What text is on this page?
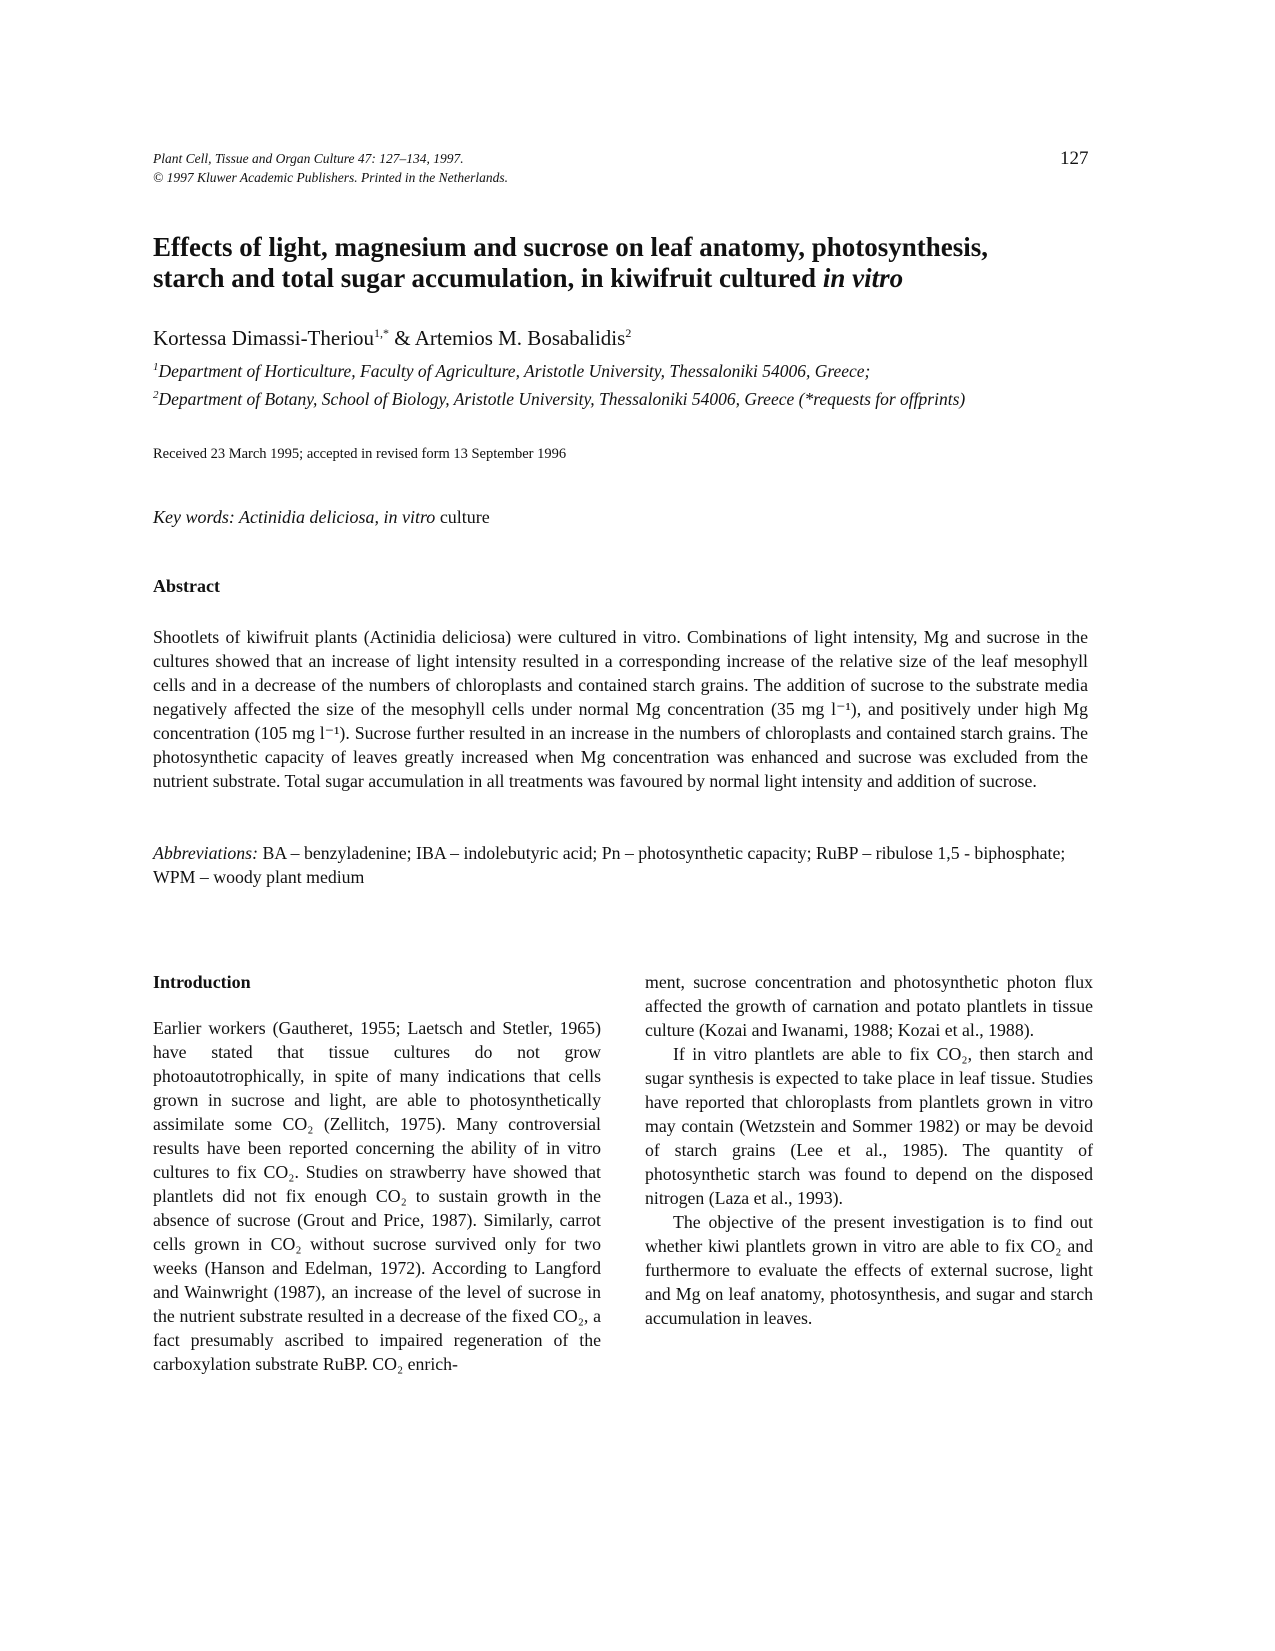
Plant Cell, Tissue and Organ Culture 47: 127–134, 1997.
© 1997 Kluwer Academic Publishers. Printed in the Netherlands.
127
Effects of light, magnesium and sucrose on leaf anatomy, photosynthesis,
starch and total sugar accumulation, in kiwifruit cultured in vitro
Kortessa Dimassi-Theriou$^{1,*}$ & Artemios M. Bosabalidis$^2$
$^1$Department of Horticulture, Faculty of Agriculture, Aristotle University, Thessaloniki 54006, Greece;
$^2$Department of Botany, School of Biology, Aristotle University, Thessaloniki 54006, Greece (*requests for offprints)
Received 23 March 1995; accepted in revised form 13 September 1996
Key words: Actinidia deliciosa, in vitro culture
Abstract
Shootlets of kiwifruit plants (Actinidia deliciosa) were cultured in vitro. Combinations of light intensity, Mg and sucrose in the cultures showed that an increase of light intensity resulted in a corresponding increase of the relative size of the leaf mesophyll cells and in a decrease of the numbers of chloroplasts and contained starch grains. The addition of sucrose to the substrate media negatively affected the size of the mesophyll cells under normal Mg concentration (35 mg l⁻¹), and positively under high Mg concentration (105 mg l⁻¹). Sucrose further resulted in an increase in the numbers of chloroplasts and contained starch grains. The photosynthetic capacity of leaves greatly increased when Mg concentration was enhanced and sucrose was excluded from the nutrient substrate. Total sugar accumulation in all treatments was favoured by normal light intensity and addition of sucrose.
Abbreviations: BA – benzyladenine; IBA – indolebutyric acid; Pn – photosynthetic capacity; RuBP – ribulose 1,5 - biphosphate; WPM – woody plant medium
Introduction

Earlier workers (Gautheret, 1955; Laetsch and Stetler, 1965) have stated that tissue cultures do not grow photoautotrophically, in spite of many indications that cells grown in sucrose and light, are able to photosynthetically assimilate some CO₂ (Zellitch, 1975). Many controversial results have been reported concerning the ability of in vitro cultures to fix CO₂. Studies on strawberry have showed that plantlets did not fix enough CO₂ to sustain growth in the absence of sucrose (Grout and Price, 1987). Similarly, carrot cells grown in CO₂ without sucrose survived only for two weeks (Hanson and Edelman, 1972). According to Langford and Wainwright (1987), an increase of the level of sucrose in the nutrient substrate resulted in a decrease of the fixed CO₂, a fact presumably ascribed to impaired regeneration of the carboxylation substrate RuBP. CO₂ enrich-

ment, sucrose concentration and photosynthetic photon flux affected the growth of carnation and potato plantlets in tissue culture (Kozai and Iwanami, 1988; Kozai et al., 1988).

If in vitro plantlets are able to fix CO₂, then starch and sugar synthesis is expected to take place in leaf tissue. Studies have reported that chloroplasts from plantlets grown in vitro may contain (Wetzstein and Sommer 1982) or may be devoid of starch grains (Lee et al., 1985). The quantity of photosynthetic starch was found to depend on the disposed nitrogen (Laza et al., 1993).

The objective of the present investigation is to find out whether kiwi plantlets grown in vitro are able to fix CO₂ and furthermore to evaluate the effects of external sucrose, light and Mg on leaf anatomy, photosynthesis, and sugar and starch accumulation in leaves.
